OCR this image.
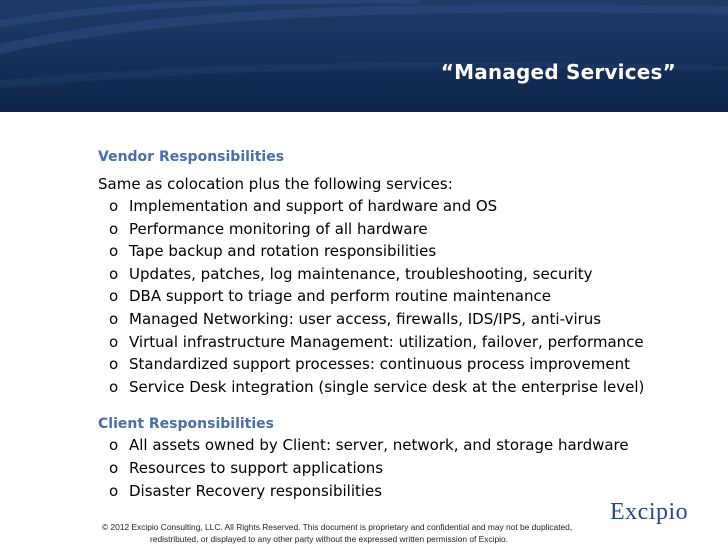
“Managed Services”

Vendor Responsibilities

Same as colocation plus the following services:

o Implementation and support of hardware and OS
o Performance monitoring of all hardware
o Tape backup and rotation responsibilities
o Updates, patches, log maintenance, troubleshooting, security
o DBA support to triage and perform routine maintenance
o Managed Networking: user access, firewalls, IDS/IPS, anti-virus
o Virtual infrastructure Management: utilization, failover, performance
o Standardized support processes: continuous process improvement
o Service Desk integration (single service desk at the enterprise level)

Client Responsibilities

o All assets owned by Client: server, network, and storage hardware
o Resources to support applications
o Disaster Recovery responsibilities
© 2012 Excipio Consulting, LLC. All Rights Reserved. This document is proprietary and confidential and may not be duplicated,

redistributed, or displayed to any other party without the expressed written permission of Excipio.
Excipio
